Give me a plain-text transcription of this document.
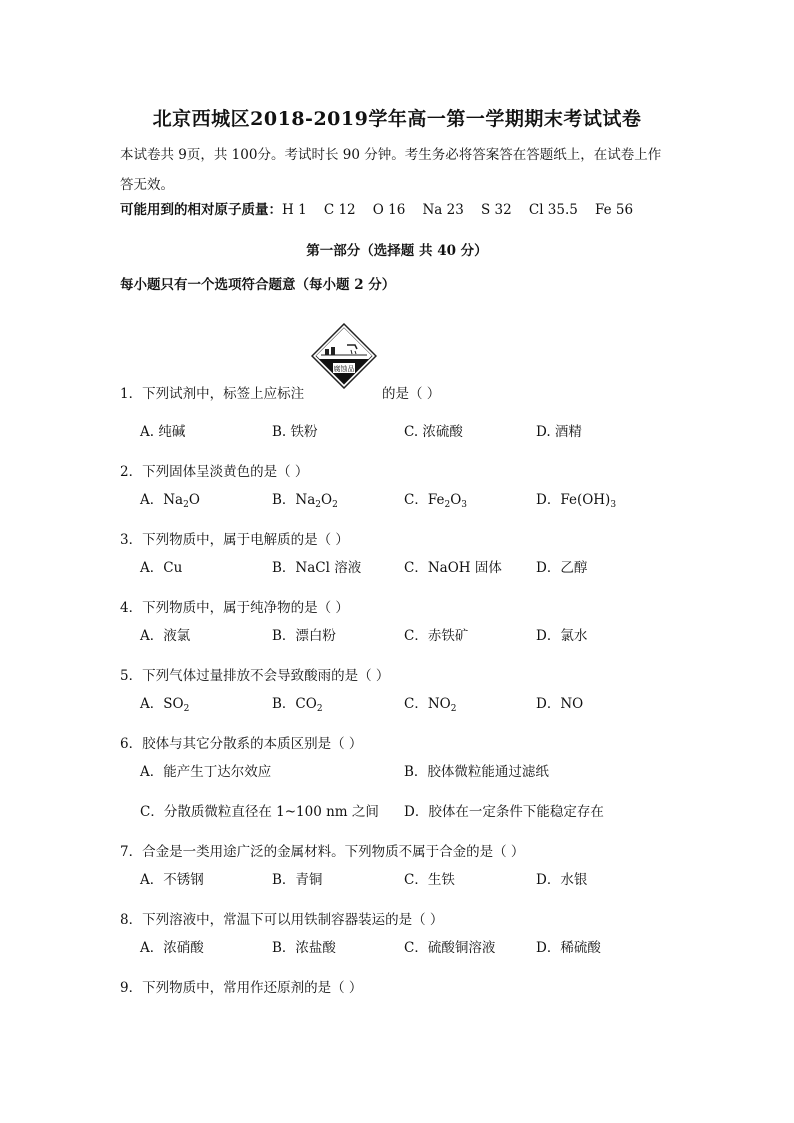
北京西城区2018-2019学年高一第一学期期末考试试卷
本试卷共 9页，共 100分。考试时长 90 分钟。考生务必将答案答在答题纸上，在试卷上作
答无效。
可能用到的相对原子质量：H 1    C 12    O 16    Na 23    S 32    Cl 35.5    Fe 56
第一部分（选择题 共 40 分）
每小题只有一个选项符合题意（每小题 2 分）
腐蚀品
1．下列试剂中，标签上应标注	的是（ ）
A. 纯碱	B. 铁粉	C. 浓硫酸	D. 酒精
2．下列固体呈淡黄色的是（ ）
A．$Na_2O$	B．$Na_2O_2$	C．$Fe_2O_3$	D．$Fe(OH)_3$
3．下列物质中，属于电解质的是（ ）
A．Cu	B．NaCl 溶液	C．NaOH 固体	D．乙醇
4．下列物质中，属于纯净物的是（ ）
A．液氯	B．漂白粉	C．赤铁矿	D．氯水
5．下列气体过量排放不会导致酸雨的是（ ）
A．$SO_2$	B．$CO_2$	C．$NO_2$	D．NO
6．胶体与其它分散系的本质区别是（ ）
A．能产生丁达尔效应	B．胶体微粒能通过滤纸
C．分散质微粒直径在 1~100 nm 之间 D．胶体在一定条件下能稳定存在
7．合金是一类用途广泛的金属材料。下列物质不属于合金的是（ ）
A．不锈钢	B．青铜	C．生铁	D．水银
8．下列溶液中，常温下可以用铁制容器装运的是（ ）
A．浓硝酸	B．浓盐酸	C．硫酸铜溶液	D．稀硫酸
9．下列物质中，常用作还原剂的是（ ）
